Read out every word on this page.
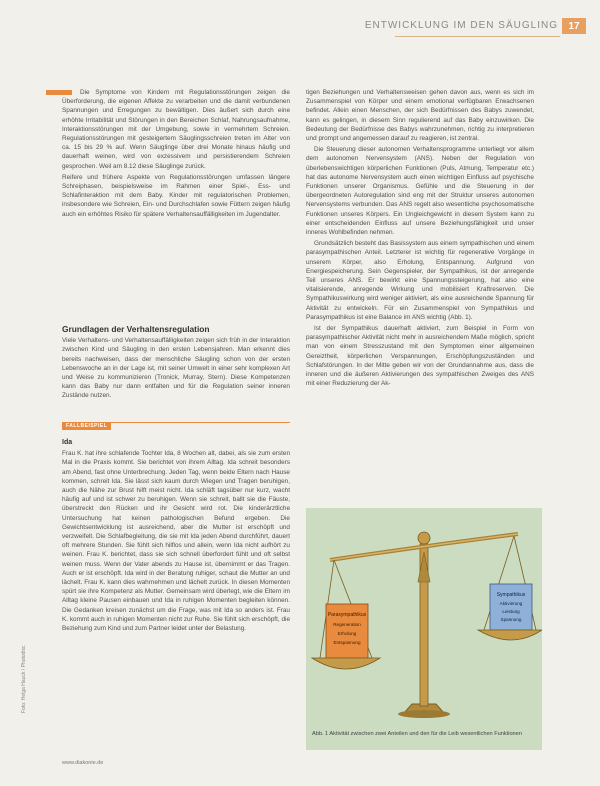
ENTWICKLUNG IM DEN SÄUGLING	17

Die Symptome von Kindern mit Regulationsstörungen zeigen die Überforderung, die eigenen Affekte zu verarbeiten und die damit verbundenen Spannungen und Erregungen zu bewältigen. Dies äußert sich durch eine erhöhte Irritabilität und Störungen in den Bereichen Schlaf, Nahrungsaufnahme, Interaktionsstörungen mit der Umgebung, sowie in vermehrtem Schreien. Regulationsstörungen mit gesteigertem Säuglingsschreien treten im Alter von ca. 15 bis 29 % auf. Wenn Säuglinge über drei Monate hinaus häufig und dauerhaft weinen, wird von exzessivem und persistierendem Schreien gesprochen. Weil am 8.12 diese Säuglinge zurück.

Reifere und frühere Aspekte von Regulationsstörungen umfassen längere Schreiphasen, beispielsweise im Rahmen einer Spiel-, Ess- und Schlafinteraktion mit dem Baby. Kinder mit regulatorischen Problemen, insbesondere wie Schreien, Ein- und Durchschlafen sowie Füttern zeigen häufig auch ein erhöhtes Risiko für spätere Verhaltensauffälligkeiten im Jugendalter.

Grundlagen der Verhaltensregulation

Viele Verhaltens- und Verhaltensauffälligkeiten zeigen sich früh in der Interaktion zwischen Kind und Säugling in den ersten Lebensjahren. Man erkennt dies bereits nachweisen, dass der menschliche Säugling schon von der ersten Lebenswoche an in der Lage ist, mit seiner Umwelt in einer sehr komplexen Art und Weise zu kommunizieren (Tronick, Murray, Stern). Diese Kompetenzen kann das Baby nur dann entfalten und für die Regulation seiner inneren Zustände nutzen.

FALLBEISPIEL
Ida

Frau K. hat ihre schlafende Tochter Ida, 8 Wochen alt, dabei, als sie zum ersten Mal in die Praxis kommt. Sie berichtet von ihrem Alltag. Ida schreit besonders am Abend, fast ohne Unterbrechung. Jeden Tag, wenn beide Eltern nach Hause kommen, schreit Ida. Sie lässt sich kaum durch Wiegen und Tragen beruhigen, auch die Nähe zur Brust hilft meist nicht. Ida schläft tagsüber nur kurz, wacht häufig auf und ist schwer zu beruhigen. Wenn sie schreit, ballt sie die Fäuste, überstreckt den Rücken und ihr Gesicht wird rot. Die kinderärztliche Untersuchung hat keinen pathologischen Befund ergeben. Die Gewichtsentwicklung ist ausreichend, aber die Mutter ist erschöpft und verzweifelt. Die Schlafbegleitung, die sie mit Ida jeden Abend durchführt, dauert oft mehrere Stunden. Sie fühlt sich hilflos und allein, wenn Ida nicht aufhört zu weinen. Frau K. berichtet, dass sie sich schnell überfordert fühlt und oft selbst weinen muss. Wenn der Vater abends zu Hause ist, übernimmt er das Tragen. Auch er ist erschöpft. Ida wird in der Beratung ruhiger, schaut die Mutter an und lächelt. Frau K. kann dies wahrnehmen und lächelt zurück. In diesen Momenten spürt sie ihre Kompetenz als Mutter. Gemeinsam wird überlegt, wie die Eltern im Alltag kleine Pausen einbauen und Ida in ruhigen Momenten begleiten können. Die Gedanken kreisen zunächst um die Frage, was mit Ida so anders ist. Frau K. kommt auch in ruhigen Momenten nicht zur Ruhe. Sie fühlt sich erschöpft, die Beziehung zum Kind und zum Partner leidet unter der Belastung.

tigen Beziehungen und Verhaltensweisen gehen davon aus, wenn es sich im Zusammenspiel von Körper und einem emotional verfügbaren Erwachsenen befindet. Allein einen Menschen, der sich Bedürfnissen des Babys zuwendet, kann es gelingen, in diesem Sinn regulierend auf das Baby einzuwirken. Die Bedeutung der Bedürfnisse des Babys wahrzunehmen, richtig zu interpretieren und prompt und angemessen darauf zu reagieren, ist zentral.

Die Steuerung dieser autonomen Verhaltensprogramme unterliegt vor allem dem autonomen Nervensystem (ANS). Neben der Regulation von überlebenswichtigen körperlichen Funktionen (Puls, Atmung, Temperatur etc.) hat das autonome Nervensystem auch einen wichtigen Einfluss auf psychische Funktionen unserer Organismus. Gefühle und die Steuerung in der übergeordneten Autoregulation sind eng mit der Struktur unseres autonomen Nervensystems verbunden. Das ANS regelt also wesentliche psychosomatische Funktionen unseres Körpers. Ein Ungleichgewicht in diesem System kann zu einer entscheidenden Einfluss auf unsere Beziehungsfähigkeit und unser inneres Wohlbefinden nehmen.

Grundsätzlich besteht das Basissystem aus einem sympathischen und einem parasympathischen Anteil. Letzterer ist wichtig für regenerative Vorgänge in unserem Körper, also Erholung, Entspannung. Aufgrund von Energiespeicherung. Sein Gegenspieler, der Sympathikus, ist der anregende Teil unseres ANS. Er bewirkt eine Spannungssteigerung, hat also eine vitalisierende, anregende Wirkung und mobilisiert Kraftreserven. Die Sympathikuswirkung wird weniger aktiviert, als eine ausreichende Spannung für Aktivität zu entwickeln. Für ein Zusammenspiel von Sympathikus und Parasympathikus ist eine Balance im ANS wichtig (Abb. 1).

Ist der Sympathikus dauerhaft aktiviert, zum Beispiel in Form von parasympathischer Aktivität nicht mehr in ausreichendem Maße möglich, spricht man von einem Stresszustand mit den Symptomen einer allgemeinen Gereiztheit, körperlichen Verspannungen, Erschöpfungszuständen und Schlafstörungen. In der Mitte geben wir von der Grundannahme aus, dass die inneren und die äußeren Aktivierungen des sympathischen Zweiges des ANS mit einer Reduzierung der Ak-

Parasympathikus
Regeneration
Erholung
Entspannung
Sympathikus
Aktivierung
Leistung
Spannung
Abb. 1 Aktivität zwischen zwei Anteilen und den für die Leib wesentlichen Funktionen
Foto: Helga Hauck / Photodisc
www.diakonie.de
